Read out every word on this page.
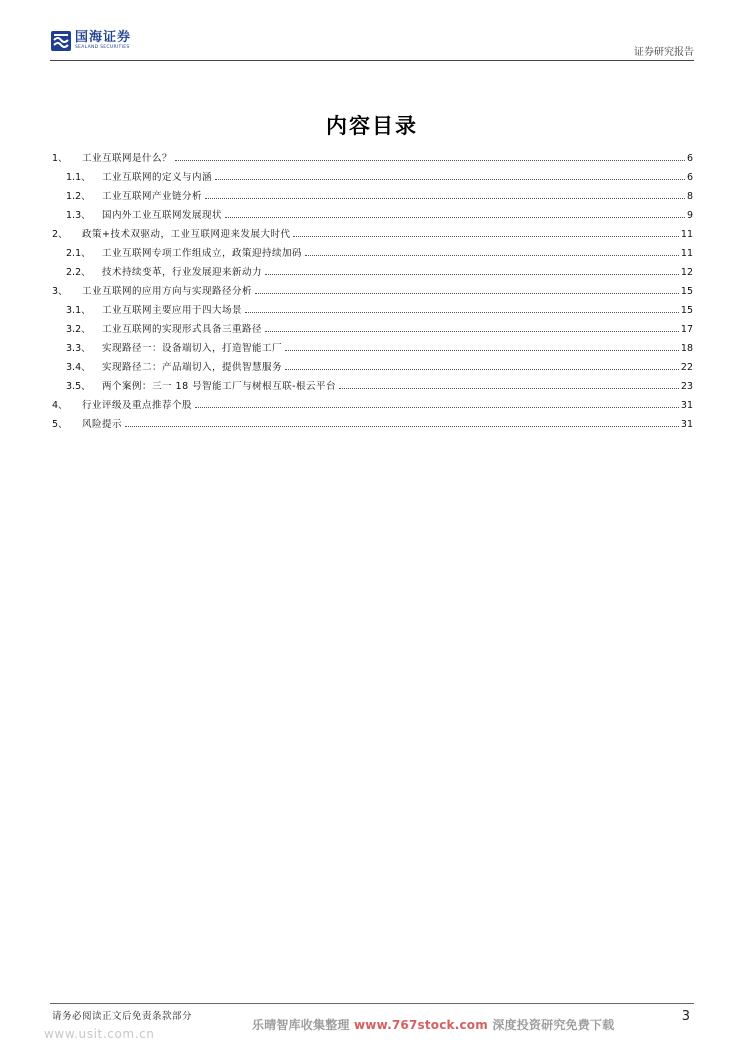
国海证券
SEALAND SECURITIES	证券研究报告
内容目录
1、	工业互联网是什么？	6
1.1、	工业互联网的定义与内涵	6
1.2、	工业互联网产业链分析	8
1.3、	国内外工业互联网发展现状	9
2、	政策+技术双驱动，工业互联网迎来发展大时代	11
2.1、	工业互联网专项工作组成立，政策迎持续加码	11
2.2、	技术持续变革，行业发展迎来新动力	12
3、	工业互联网的应用方向与实现路径分析	15
3.1、	工业互联网主要应用于四大场景	15
3.2、	工业互联网的实现形式具备三重路径	17
3.3、	实现路径一：设备端切入，打造智能工厂	18
3.4、	实现路径二：产品端切入，提供智慧服务	22
3.5、	两个案例：三一 18 号智能工厂与树根互联-根云平台	23
4、	行业评级及重点推荐个股	31
5、	风险提示	31
请务必阅读正文后免责条款部分	3
www.usit.com.cn
乐晴智库收集整理 www.767stock.com 深度投资研究免费下载
